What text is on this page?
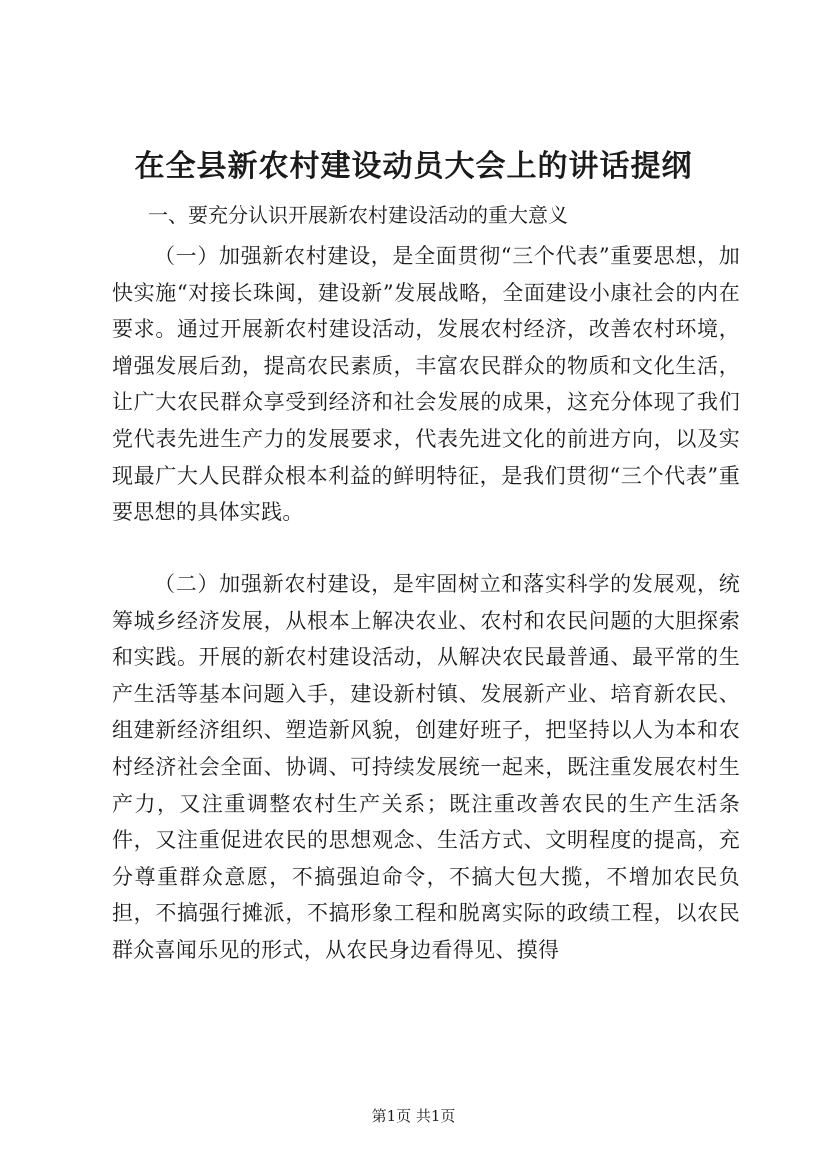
在全县新农村建设动员大会上的讲话提纲

一、要充分认识开展新农村建设活动的重大意义

（一）加强新农村建设，是全面贯彻“三个代表”重要思想，加快实施“对接长珠闽，建设新”发展战略，全面建设小康社会的内在要求。通过开展新农村建设活动，发展农村经济，改善农村环境，增强发展后劲，提高农民素质，丰富农民群众的物质和文化生活，让广大农民群众享受到经济和社会发展的成果，这充分体现了我们党代表先进生产力的发展要求，代表先进文化的前进方向，以及实现最广大人民群众根本利益的鲜明特征，是我们贯彻“三个代表”重要思想的具体实践。

（二）加强新农村建设，是牢固树立和落实科学的发展观，统筹城乡经济发展，从根本上解决农业、农村和农民问题的大胆探索和实践。开展的新农村建设活动，从解决农民最普通、最平常的生产生活等基本问题入手，建设新村镇、发展新产业、培育新农民、组建新经济组织、塑造新风貌，创建好班子，把坚持以人为本和农村经济社会全面、协调、可持续发展统一起来，既注重发展农村生产力，又注重调整农村生产关系；既注重改善农民的生产生活条件，又注重促进农民的思想观念、生活方式、文明程度的提高，充分尊重群众意愿，不搞强迫命令，不搞大包大揽，不增加农民负担，不搞强行摊派，不搞形象工程和脱离实际的政绩工程，以农民群众喜闻乐见的形式，从农民身边看得见、摸得

第1页 共1页
